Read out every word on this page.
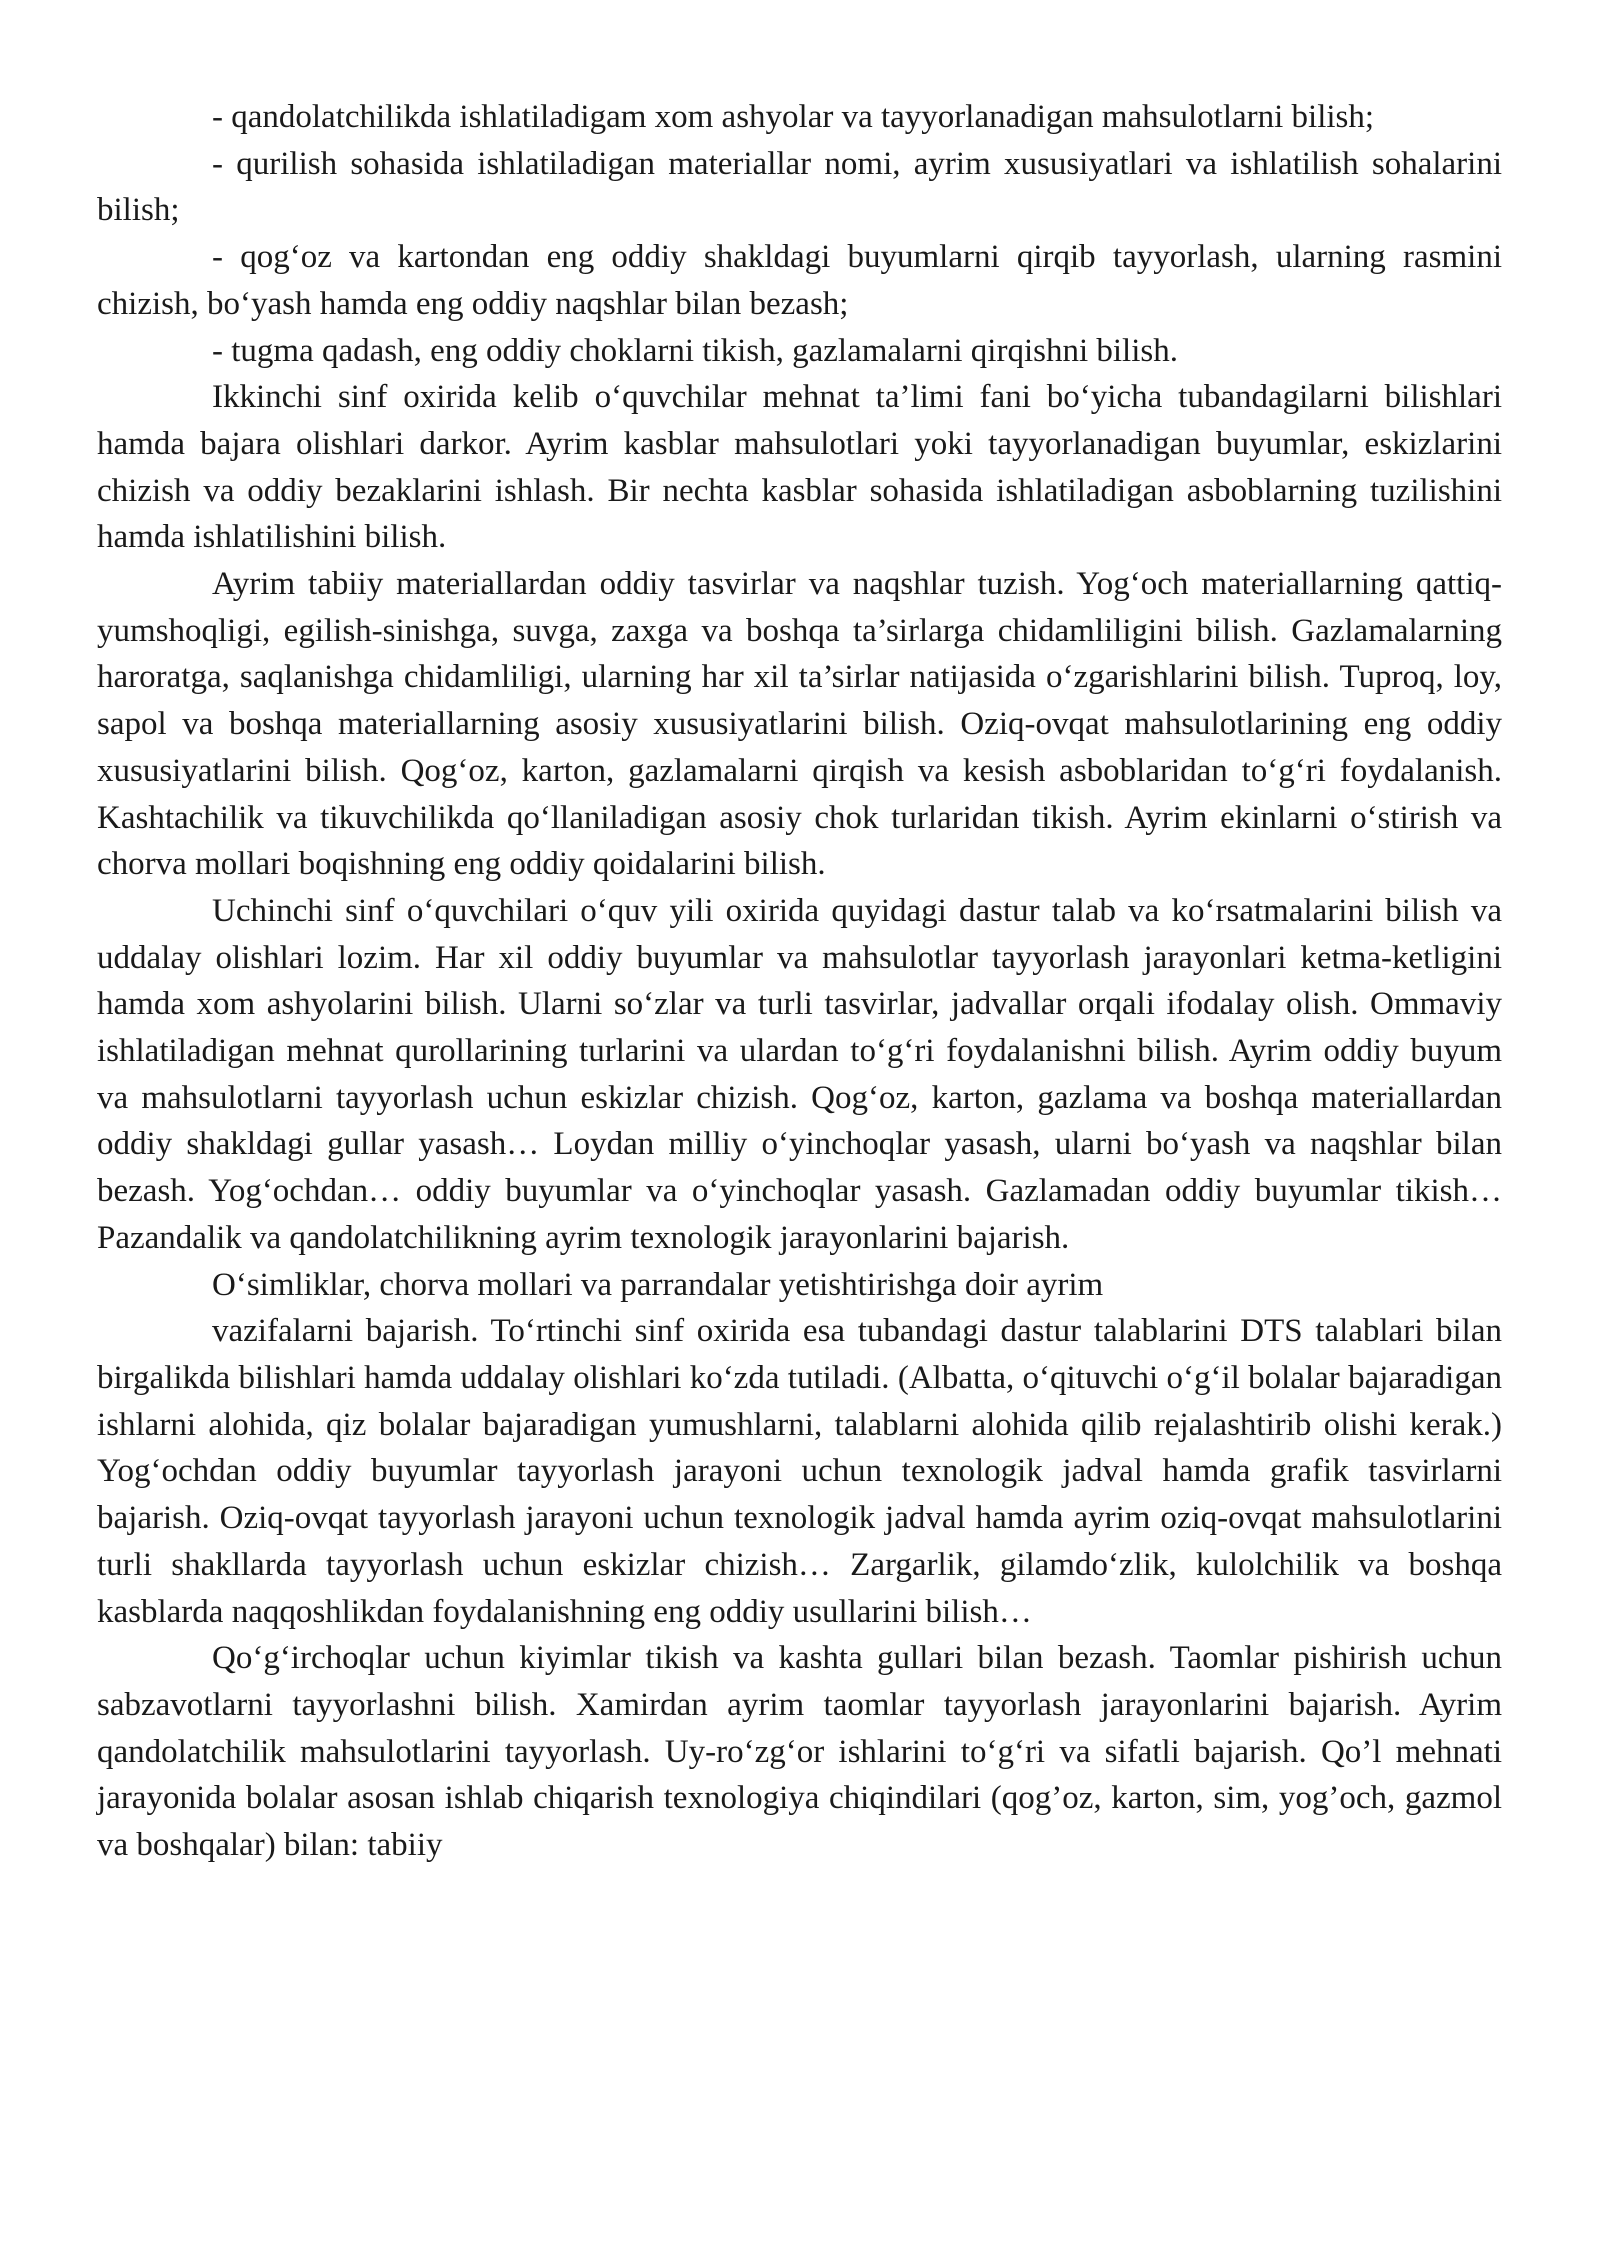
- qandolatchilikda ishlatiladigam xom ashyolar va tayyorlanadigan mahsulotlarni bilish;

- qurilish sohasida ishlatiladigan materiallar nomi, ayrim xususiyatlari va ishlatilish sohalarini bilish;

- qog‘oz va kartondan eng oddiy shakldagi buyumlarni qirqib tayyorlash, ularning rasmini chizish, bo‘yash hamda eng oddiy naqshlar bilan bezash;

- tugma qadash, eng oddiy choklarni tikish, gazlamalarni qirqishni bilish.

Ikkinchi sinf oxirida kelib o‘quvchilar mehnat ta’limi fani bo‘yicha tubandagilarni bilishlari hamda bajara olishlari darkor. Ayrim kasblar mahsulotlari yoki tayyorlanadigan buyumlar, eskizlarini chizish va oddiy bezaklarini ishlash. Bir nechta kasblar sohasida ishlatiladigan asboblarning tuzilishini hamda ishlatilishini bilish.

Ayrim tabiiy materiallardan oddiy tasvirlar va naqshlar tuzish. Yog‘och materiallarning qattiq-yumshoqligi, egilish-sinishga, suvga, zaxga va boshqa ta’sirlarga chidamliligini bilish. Gazlamalarning haroratga, saqlanishga chidamliligi, ularning har xil ta’sirlar natijasida o‘zgarishlarini bilish. Tuproq, loy, sapol va boshqa materiallarning asosiy xususiyatlarini bilish. Oziq-ovqat mahsulotlarining eng oddiy xususiyatlarini bilish. Qog‘oz, karton, gazlamalarni qirqish va kesish asboblaridan to‘g‘ri foydalanish. Kashtachilik va tikuvchilikda qo‘llaniladigan asosiy chok turlaridan tikish. Ayrim ekinlarni o‘stirish va chorva mollari boqishning eng oddiy qoidalarini bilish.

Uchinchi sinf o‘quvchilari o‘quv yili oxirida quyidagi dastur talab va ko‘rsatmalarini bilish va uddalay olishlari lozim. Har xil oddiy buyumlar va mahsulotlar tayyorlash jarayonlari ketma-ketligini hamda xom ashyolarini bilish. Ularni so‘zlar va turli tasvirlar, jadvallar orqali ifodalay olish. Ommaviy ishlatiladigan mehnat qurollarining turlarini va ulardan to‘g‘ri foydalanishni bilish. Ayrim oddiy buyum va mahsulotlarni tayyorlash uchun eskizlar chizish. Qog‘oz, karton, gazlama va boshqa materiallardan oddiy shakldagi gullar yasash… Loydan milliy o‘yinchoqlar yasash, ularni bo‘yash va naqshlar bilan bezash. Yog‘ochdan… oddiy buyumlar va o‘yinchoqlar yasash. Gazlamadan oddiy buyumlar tikish… Pazandalik va qandolatchilikning ayrim texnologik jarayonlarini bajarish.

O‘simliklar, chorva mollari va parrandalar yetishtirishga doir ayrim

vazifalarni bajarish. To‘rtinchi sinf oxirida esa tubandagi dastur talablarini DTS talablari bilan birgalikda bilishlari hamda uddalay olishlari ko‘zda tutiladi. (Albatta, o‘qituvchi o‘g‘il bolalar bajaradigan ishlarni alohida, qiz bolalar bajaradigan yumushlarni, talablarni alohida qilib rejalashtirib olishi kerak.) Yog‘ochdan oddiy buyumlar tayyorlash jarayoni uchun texnologik jadval hamda grafik tasvirlarni bajarish. Oziq-ovqat tayyorlash jarayoni uchun texnologik jadval hamda ayrim oziq-ovqat mahsulotlarini turli shakllarda tayyorlash uchun eskizlar chizish… Zargarlik, gilamdo‘zlik, kulolchilik va boshqa kasblarda naqqoshlikdan foydalanishning eng oddiy usullarini bilish…

Qo‘g‘irchoqlar uchun kiyimlar tikish va kashta gullari bilan bezash. Taomlar pishirish uchun sabzavotlarni tayyorlashni bilish. Xamirdan ayrim taomlar tayyorlash jarayonlarini bajarish. Ayrim qandolatchilik mahsulotlarini tayyorlash. Uy-ro‘zg‘or ishlarini to‘g‘ri va sifatli bajarish. Qo’l mehnati jarayonida bolalar asosan ishlab chiqarish texnologiya chiqindilari (qog’oz, karton, sim, yog’och, gazmol va boshqalar) bilan: tabiiy
